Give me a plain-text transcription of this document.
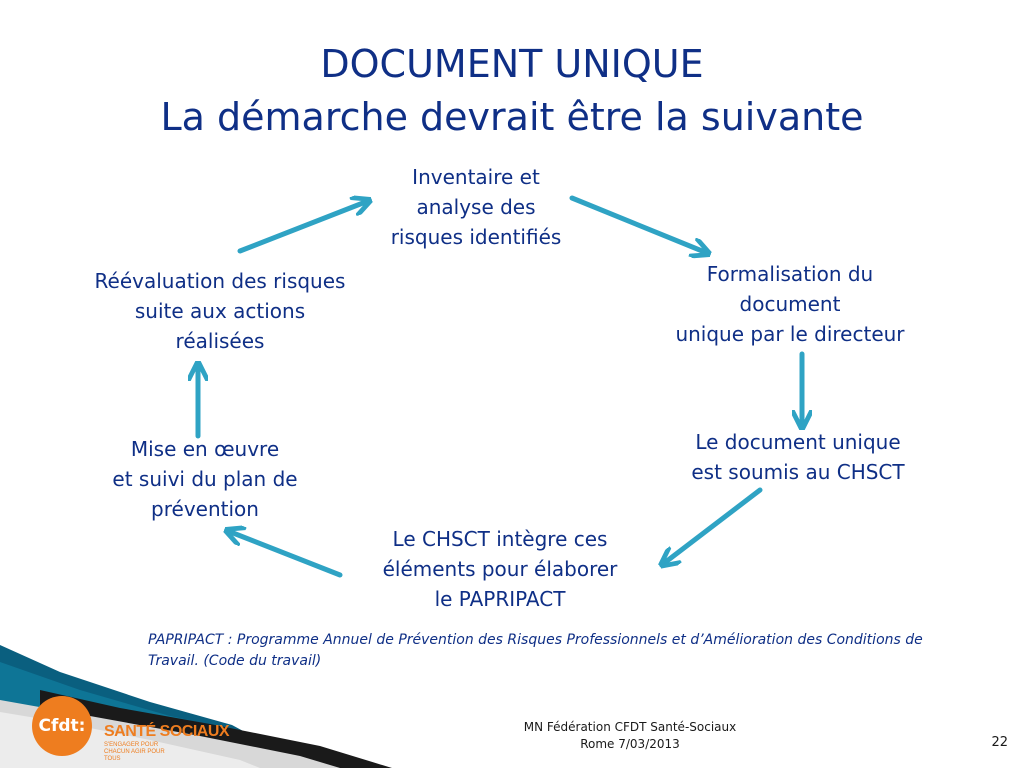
DOCUMENT UNIQUE
La démarche devrait être la suivante
Inventaire et
analyse des
risques identifiés
Formalisation du
document
unique par le directeur
Le document unique
est soumis au CHSCT
Le CHSCT intègre ces
éléments pour élaborer
le PAPRIPACT
Mise en œuvre
et suivi du plan de
prévention
Réévaluation des risques
suite aux actions
réalisées
PAPRIPACT : Programme Annuel de Prévention des Risques Professionnels et d’Amélioration des Conditions de Travail. (Code du travail)
Cfdt:	SANTÉ SOCIAUX
S'ENGAGER POUR CHACUN AGIR POUR TOUS
MN Fédération CFDT Santé-Sociaux
Rome 7/03/2013	22
